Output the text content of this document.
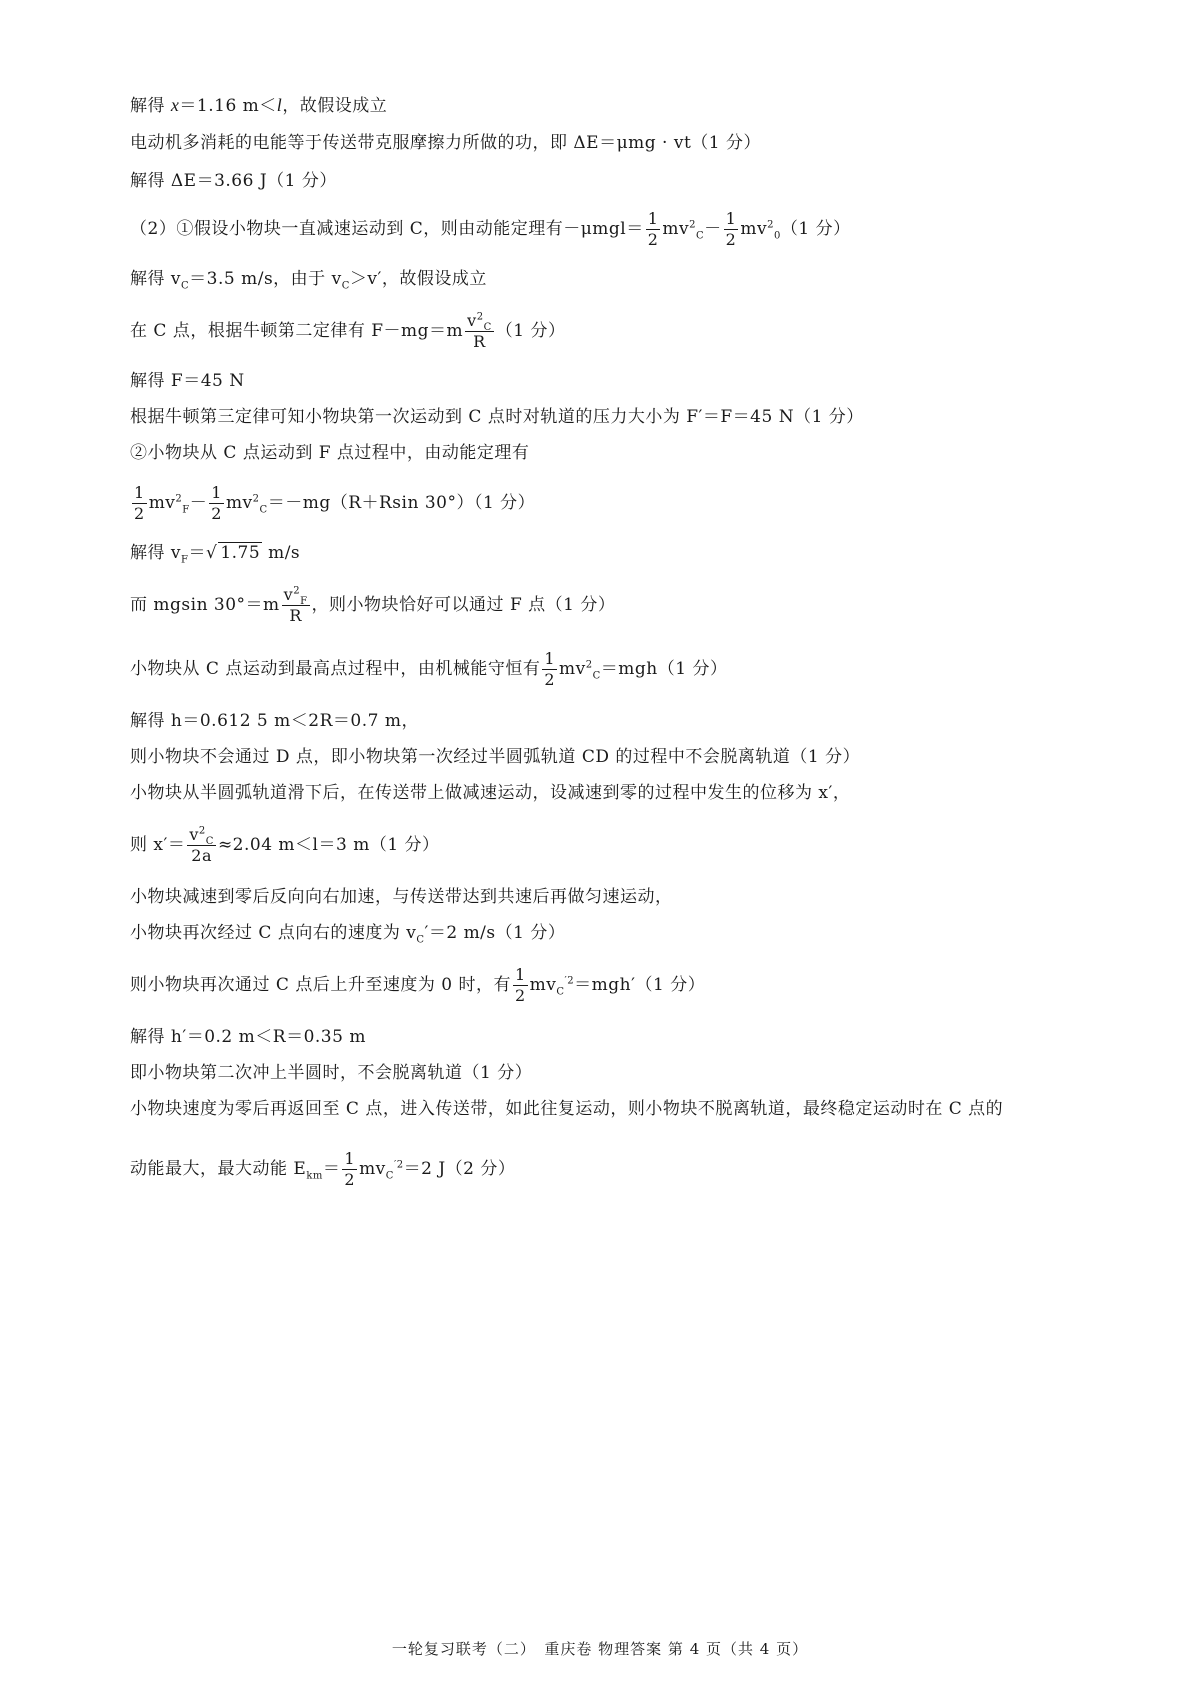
解得 x＝1.16 m＜l，故假设成立
电动机多消耗的电能等于传送带克服摩擦力所做的功，即 ΔE＝μmg · vt（1 分）
解得 ΔE＝3.66 J（1 分）
（2）①假设小物块一直减速运动到 C，则由动能定理有$-\mu mgl= \frac{1}{2} mv^2_C- \frac{1}{2} mv^2_0(1$ 分）
解得 $v_C=3.5$ m/s，由于 $v_C>v'$，故假设成立
在 C 点，根据牛顿第二定律有 $F-mg=m \frac{v^2_C}{R} (1$ 分）
解得 F＝45 N
根据牛顿第三定律可知小物块第一次运动到 C 点时对轨道的压力大小为 F′＝F＝45 N（1 分）
②小物块从 C 点运动到 F 点过程中，由动能定理有
$\frac{1}{2} mv^2_F- \frac{1}{2} mv^2_C=-mg(R+Rsin$ 30°）（1 分）
解得 $v_F=√$ 1.75 m/s
而 mgsin $30^\circ=m \frac{v^2_F}{R}$ ，则小物块恰好可以通过 F 点（1 分）
小物块从 C 点运动到最高点过程中，由机械能守恒有 $\frac{1}{2} mv^2_C=mgh(1$ 分）
解得 h＝0.612 5 m＜2R＝0.7 m，
则小物块不会通过 D 点，即小物块第一次经过半圆弧轨道 CD 的过程中不会脱离轨道（1 分）
小物块从半圆弧轨道滑下后，在传送带上做减速运动，设减速到零的过程中发生的位移为 x′，
则 $x'= \frac{v^2_C}{2a} \approx 2.04$ m＜l＝3 m（1 分）
小物块减速到零后反向向右加速，与传送带达到共速后再做匀速运动，
小物块再次经过 C 点向右的速度为 $v_C'=2$ m/s（1 分）
则小物块再次通过 C 点后上升至速度为 0 时，有 $\frac{1}{2} mv_C^{'2}=mgh'(1$ 分）
解得 h′＝0.2 m＜R＝0.35 m
即小物块第二次冲上半圆时，不会脱离轨道（1 分）
小物块速度为零后再返回至 C 点，进入传送带，如此往复运动，则小物块不脱离轨道，最终稳定运动时在 C 点的
动能最大，最大动能 $E_{km}= \frac{1}{2} mv_C^{'2}=2$ J（2 分）
一轮复习联考（二）　重庆卷 物理答案 第 4 页（共 4 页）
